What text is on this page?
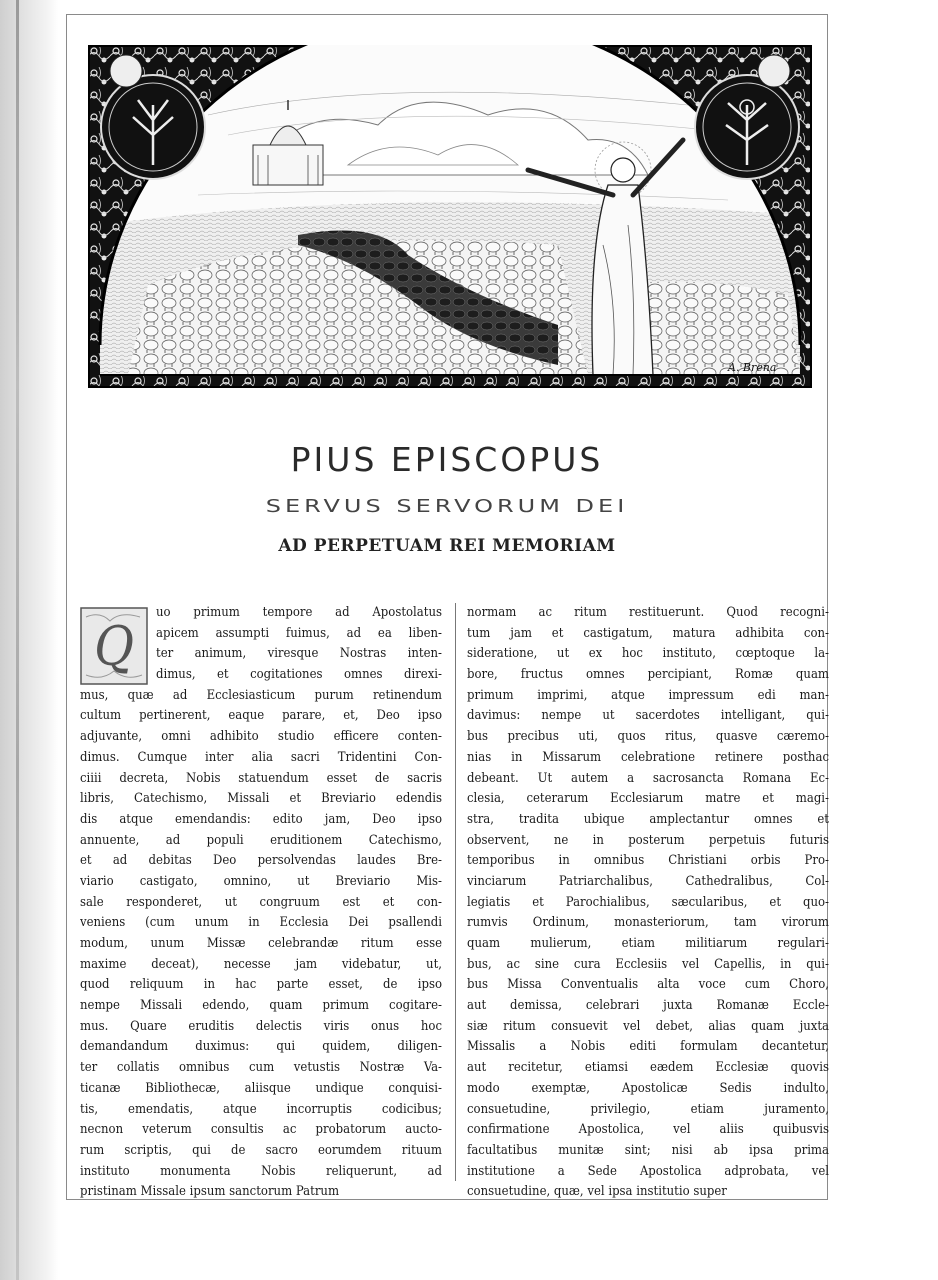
A. Brena
PIUS EPISCOPUS
SERVUS SERVORUM DEI
AD PERPETUAM REI MEMORIAM
Q
uo primum tempore ad Apostolatus
apicem assumpti fuimus, ad ea liben-
ter animum, viresque Nostras inten-
dimus, et cogitationes omnes direxi-
mus, quæ ad Ecclesiasticum purum retinendum
cultum pertinerent, eaque parare, et, Deo ipso
adjuvante, omni adhibito studio efficere conten-
dimus. Cumque inter alia sacri Tridentini Con-
ciiii decreta, Nobis statuendum esset de sacris
libris, Catechismo, Missali et Breviario edendis
dis atque emendandis: edito jam, Deo ipso
annuente, ad populi eruditionem Catechismo,
et ad debitas Deo persolvendas laudes Bre-
viario castigato, omnino, ut Breviario Mis-
sale responderet, ut congruum est et con-
veniens (cum unum in Ecclesia Dei psallendi
modum, unum Missæ celebrandæ ritum esse
maxime deceat), necesse jam videbatur, ut,
quod reliquum in hac parte esset, de ipso
nempe Missali edendo, quam primum cogitare-
mus. Quare eruditis delectis viris onus hoc
demandandum duximus: qui quidem, diligen-
ter collatis omnibus cum vetustis Nostræ Va-
ticanæ Bibliothecæ, aliisque undique conquisi-
tis, emendatis, atque incorruptis codicibus;
necnon veterum consultis ac probatorum aucto-
rum scriptis, qui de sacro eorumdem rituum
instituto monumenta Nobis reliquerunt, ad
pristinam Missale ipsum sanctorum Patrum
normam ac ritum restituerunt. Quod recogni-
tum jam et castigatum, matura adhibita con-
sideratione, ut ex hoc instituto, cœptoque la-
bore, fructus omnes percipiant, Romæ quam
primum imprimi, atque impressum edi man-
davimus: nempe ut sacerdotes intelligant, qui-
bus precibus uti, quos ritus, quasve cæremo-
nias in Missarum celebratione retinere posthac
debeant. Ut autem a sacrosancta Romana Ec-
clesia, ceterarum Ecclesiarum matre et magi-
stra, tradita ubique amplectantur omnes et
observent, ne in posterum perpetuis futuris
temporibus in omnibus Christiani orbis Pro-
vinciarum Patriarchalibus, Cathedralibus, Col-
legiatis et Parochialibus, sæcularibus, et quo-
rumvis Ordinum, monasteriorum, tam virorum
quam mulierum, etiam militiarum regulari-
bus, ac sine cura Ecclesiis vel Capellis, in qui-
bus Missa Conventualis alta voce cum Choro,
aut demissa, celebrari juxta Romanæ Eccle-
siæ ritum consuevit vel debet, alias quam juxta
Missalis a Nobis editi formulam decantetur,
aut recitetur, etiamsi eædem Ecclesiæ quovis
modo exemptæ, Apostolicæ Sedis indulto,
consuetudine, privilegio, etiam juramento,
confirmatione Apostolica, vel aliis quibusvis
facultatibus munitæ sint; nisi ab ipsa prima
institutione a Sede Apostolica adprobata, vel
consuetudine, quæ, vel ipsa institutio super
